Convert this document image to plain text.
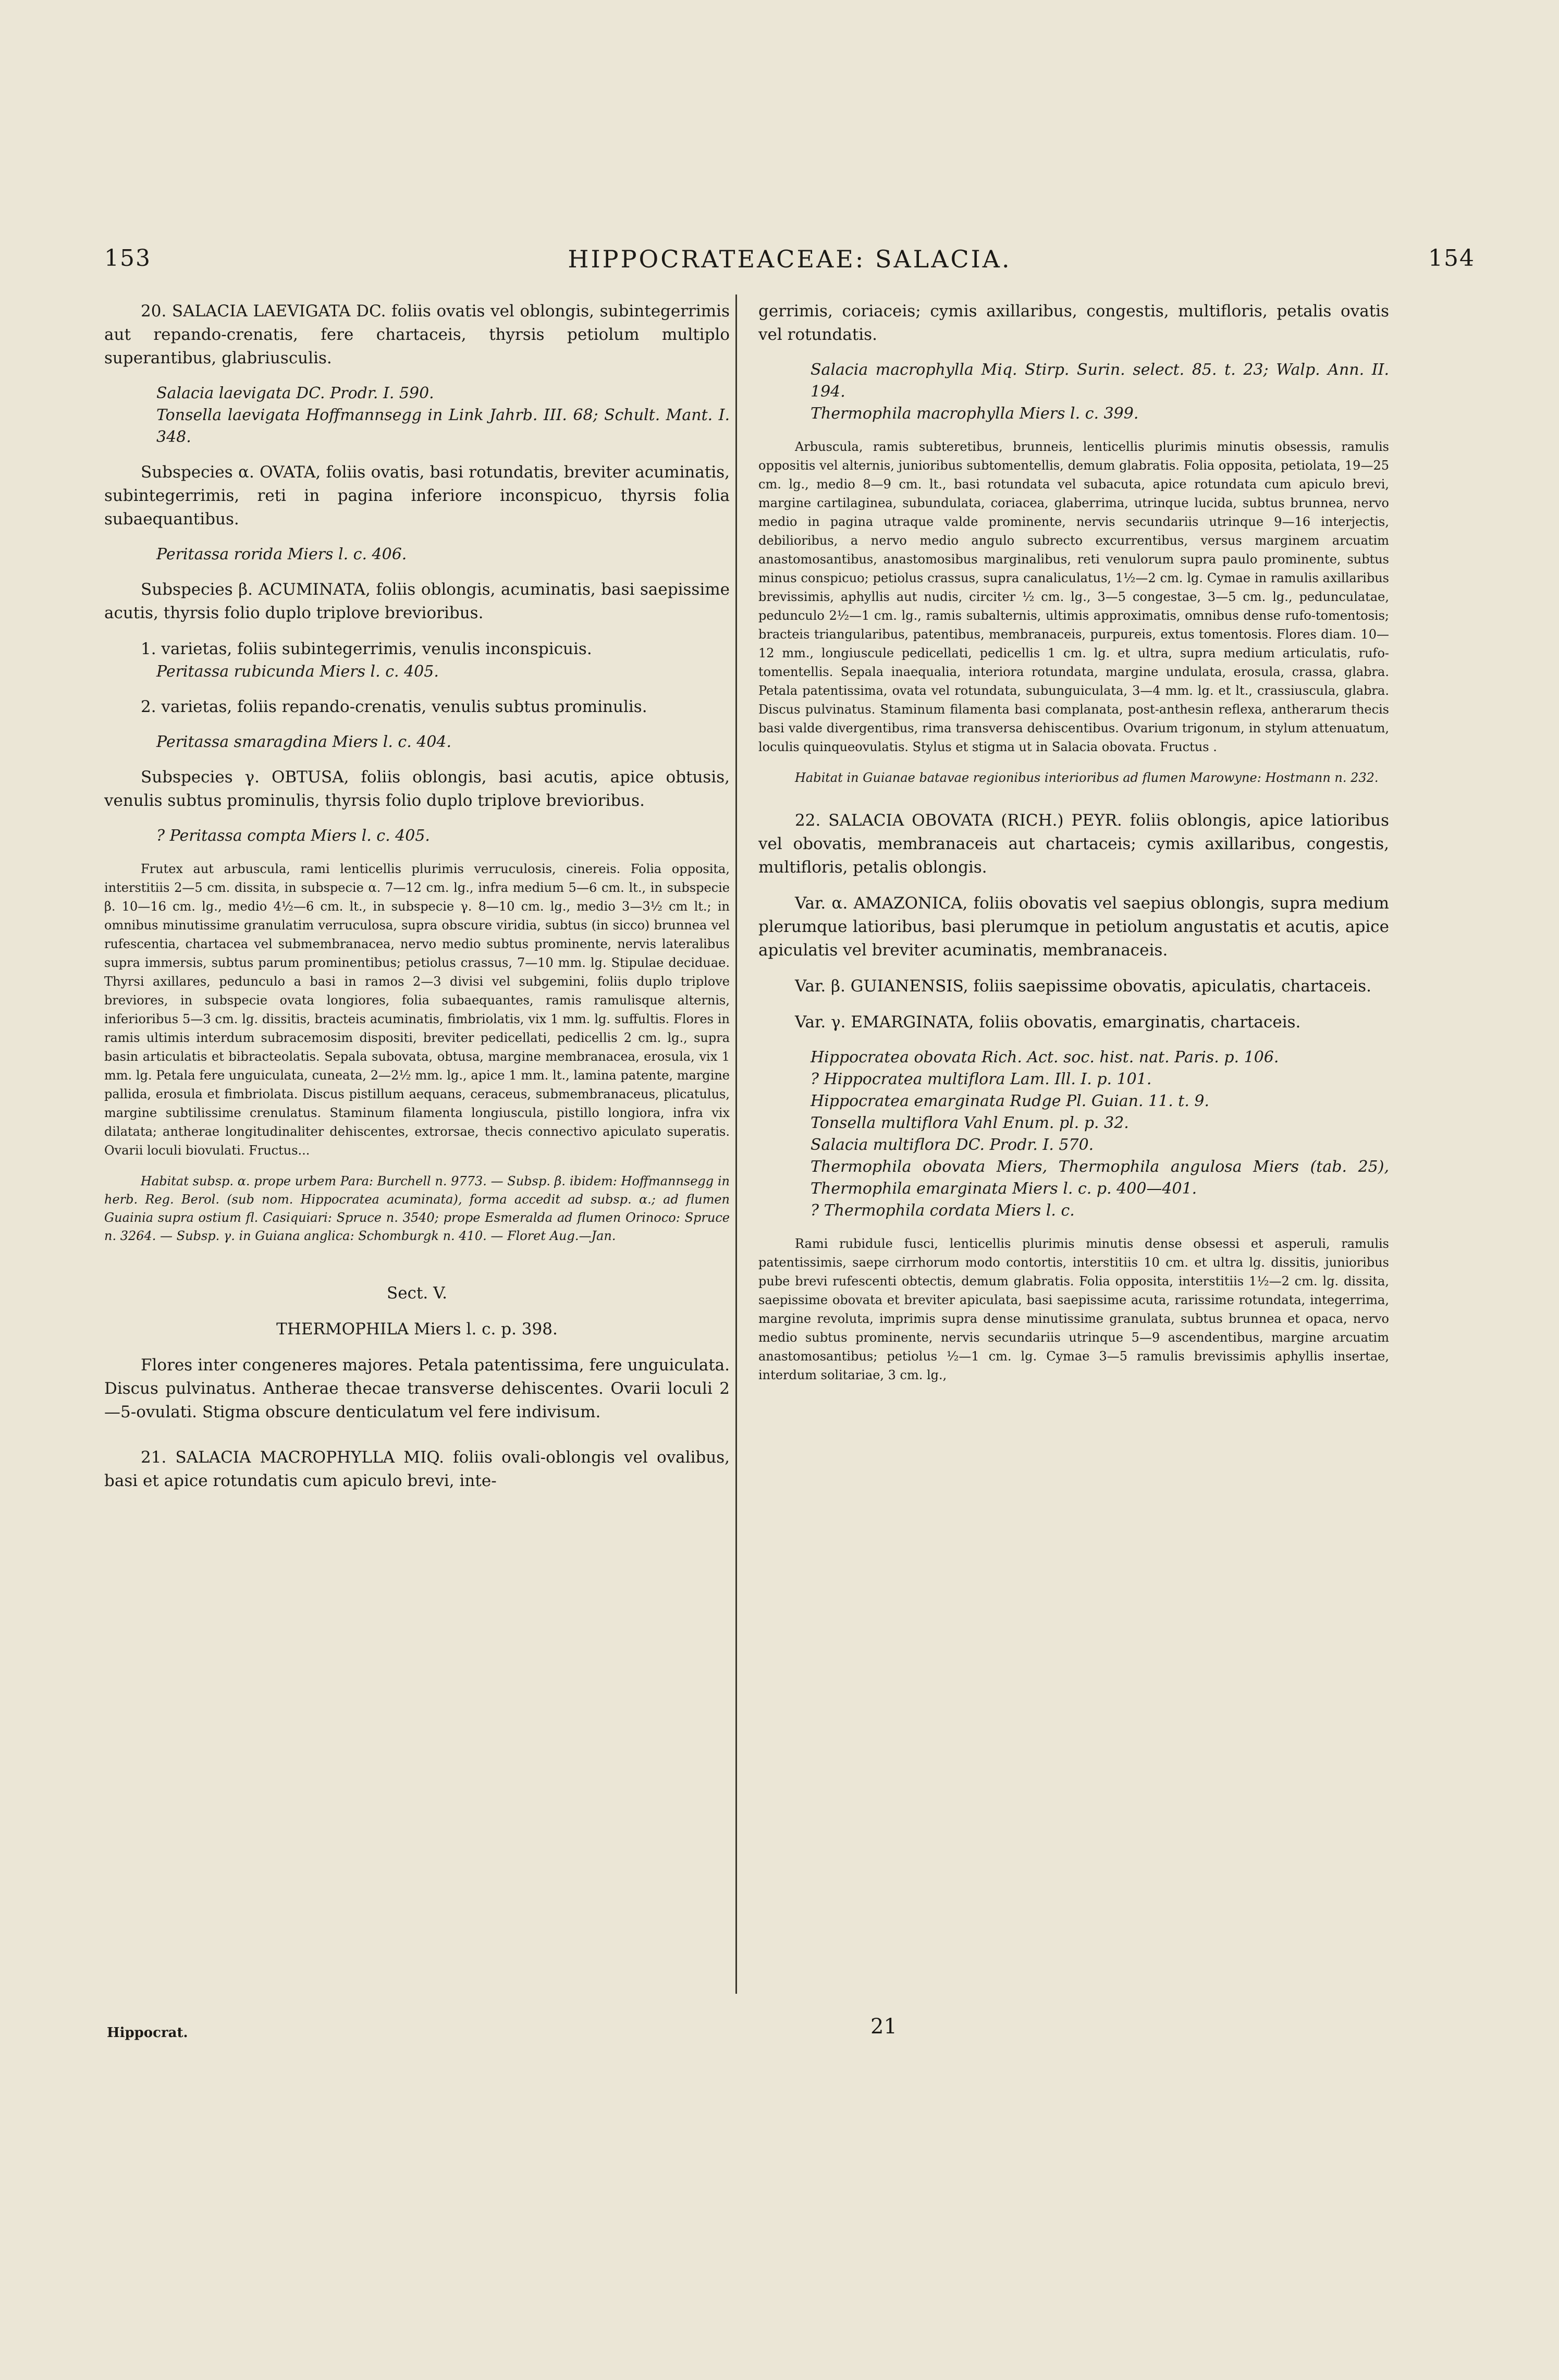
153	HIPPOCRATEACEAE: SALACIA.	154

20. SALACIA LAEVIGATA DC. foliis ovatis vel oblongis, subintegerrimis aut repando-crenatis, fere chartaceis, thyrsis petiolum multiplo superantibus, glabriusculis.

Salacia laevigata DC. Prodr. I. 590.

Tonsella laevigata Hoffmannsegg in Link Jahrb. III. 68; Schult. Mant. I. 348.

Subspecies α. OVATA, foliis ovatis, basi rotundatis, breviter acuminatis, subintegerrimis, reti in pagina inferiore inconspicuo, thyrsis folia subaequantibus.

Peritassa rorida Miers l. c. 406.

Subspecies β. ACUMINATA, foliis oblongis, acuminatis, basi saepissime acutis, thyrsis folio duplo triplove brevioribus.

1. varietas, foliis subintegerrimis, venulis inconspicuis.

Peritassa rubicunda Miers l. c. 405.

2. varietas, foliis repando-crenatis, venulis subtus prominulis.

Peritassa smaragdina Miers l. c. 404.

Subspecies γ. OBTUSA, foliis oblongis, basi acutis, apice obtusis, venulis subtus prominulis, thyrsis folio duplo triplove brevioribus.

? Peritassa compta Miers l. c. 405.

Frutex aut arbuscula, rami lenticellis plurimis verruculosis, cinereis. Folia opposita, interstitiis 2—5 cm. dissita, in subspecie α. 7—12 cm. lg., infra medium 5—6 cm. lt., in subspecie β. 10—16 cm. lg., medio 4½—6 cm. lt., in subspecie γ. 8—10 cm. lg., medio 3—3½ cm lt.; in omnibus minutissime granulatim verruculosa, supra obscure viridia, subtus (in sicco) brunnea vel rufescentia, chartacea vel submembranacea, nervo medio subtus prominente, nervis lateralibus supra immersis, subtus parum prominentibus; petiolus crassus, 7—10 mm. lg. Stipulae deciduae. Thyrsi axillares, pedunculo a basi in ramos 2—3 divisi vel subgemini, foliis duplo triplove breviores, in subspecie ovata longiores, folia subaequantes, ramis ramulisque alternis, inferioribus 5—3 cm. lg. dissitis, bracteis acuminatis, fimbriolatis, vix 1 mm. lg. suffultis. Flores in ramis ultimis interdum subracemosim dispositi, breviter pedicellati, pedicellis 2 cm. lg., supra basin articulatis et bibracteolatis. Sepala subovata, obtusa, margine membranacea, erosula, vix 1 mm. lg. Petala fere unguiculata, cuneata, 2—2½ mm. lg., apice 1 mm. lt., lamina patente, margine pallida, erosula et fimbriolata. Discus pistillum aequans, ceraceus, submembranaceus, plicatulus, margine subtilissime crenulatus. Staminum filamenta longiuscula, pistillo longiora, infra vix dilatata; antherae longitudinaliter dehiscentes, extrorsae, thecis connectivo apiculato superatis. Ovarii loculi biovulati. Fructus...

Habitat subsp. α. prope urbem Para: Burchell n. 9773. — Subsp. β. ibidem: Hoffmannsegg in herb. Reg. Berol. (sub nom. Hippocratea acuminata), forma accedit ad subsp. α.; ad flumen Guainia supra ostium fl. Casiquiari: Spruce n. 3540; prope Esmeralda ad flumen Orinoco: Spruce n. 3264. — Subsp. γ. in Guiana anglica: Schomburgk n. 410. — Floret Aug.—Jan.

Sect. V.

THERMOPHILA Miers l. c. p. 398.

Flores inter congeneres majores. Petala patentissima, fere unguiculata. Discus pulvinatus. Antherae thecae transverse dehiscentes. Ovarii loculi 2—5-ovulati. Stigma obscure denticulatum vel fere indivisum.

21. SALACIA MACROPHYLLA MIQ. foliis ovali-oblongis vel ovalibus, basi et apice rotundatis cum apiculo brevi, inte-

Hippocrat.

gerrimis, coriaceis; cymis axillaribus, congestis, multifloris, petalis ovatis vel rotundatis.

Salacia macrophylla Miq. Stirp. Surin. select. 85. t. 23; Walp. Ann. II. 194.

Thermophila macrophylla Miers l. c. 399.

Arbuscula, ramis subteretibus, brunneis, lenticellis plurimis minutis obsessis, ramulis oppositis vel alternis, junioribus subtomentellis, demum glabratis. Folia opposita, petiolata, 19—25 cm. lg., medio 8—9 cm. lt., basi rotundata vel subacuta, apice rotundata cum apiculo brevi, margine cartilaginea, subundulata, coriacea, glaberrima, utrinque lucida, subtus brunnea, nervo medio in pagina utraque valde prominente, nervis secundariis utrinque 9—16 interjectis, debilioribus, a nervo medio angulo subrecto excurrentibus, versus marginem arcuatim anastomosantibus, anastomosibus marginalibus, reti venulorum supra paulo prominente, subtus minus conspicuo; petiolus crassus, supra canaliculatus, 1½—2 cm. lg. Cymae in ramulis axillaribus brevissimis, aphyllis aut nudis, circiter ½ cm. lg., 3—5 congestae, 3—5 cm. lg., pedunculatae, pedunculo 2½—1 cm. lg., ramis subalternis, ultimis approximatis, omnibus dense rufo-tomentosis; bracteis triangularibus, patentibus, membranaceis, purpureis, extus tomentosis. Flores diam. 10—12 mm., longiuscule pedicellati, pedicellis 1 cm. lg. et ultra, supra medium articulatis, rufo-tomentellis. Sepala inaequalia, interiora rotundata, margine undulata, erosula, crassa, glabra. Petala patentissima, ovata vel rotundata, subunguiculata, 3—4 mm. lg. et lt., crassiuscula, glabra. Discus pulvinatus. Staminum filamenta basi complanata, post-anthesin reflexa, antherarum thecis basi valde divergentibus, rima transversa dehiscentibus. Ovarium trigonum, in stylum attenuatum, loculis quinqueovulatis. Stylus et stigma ut in Salacia obovata. Fructus .

Habitat in Guianae batavae regionibus interioribus ad flumen Marowyne: Hostmann n. 232.

22. SALACIA OBOVATA (RICH.) PEYR. foliis oblongis, apice latioribus vel obovatis, membranaceis aut chartaceis; cymis axillaribus, congestis, multifloris, petalis oblongis.

Var. α. AMAZONICA, foliis obovatis vel saepius oblongis, supra medium plerumque latioribus, basi plerumque in petiolum angustatis et acutis, apice apiculatis vel breviter acuminatis, membranaceis.

Var. β. GUIANENSIS, foliis saepissime obovatis, apiculatis, chartaceis.

Var. γ. EMARGINATA, foliis obovatis, emarginatis, chartaceis.

Hippocratea obovata Rich. Act. soc. hist. nat. Paris. p. 106.

? Hippocratea multiflora Lam. Ill. I. p. 101.

Hippocratea emarginata Rudge Pl. Guian. 11. t. 9.

Tonsella multiflora Vahl Enum. pl. p. 32.

Salacia multiflora DC. Prodr. I. 570.

Thermophila obovata Miers, Thermophila angulosa Miers (tab. 25), Thermophila emarginata Miers l. c. p. 400—401.

? Thermophila cordata Miers l. c.

Rami rubidule fusci, lenticellis plurimis minutis dense obsessi et asperuli, ramulis patentissimis, saepe cirrhorum modo contortis, interstitiis 10 cm. et ultra lg. dissitis, junioribus pube brevi rufescenti obtectis, demum glabratis. Folia opposita, interstitiis 1½—2 cm. lg. dissita, saepissime obovata et breviter apiculata, basi saepissime acuta, rarissime rotundata, integerrima, margine revoluta, imprimis supra dense minutissime granulata, subtus brunnea et opaca, nervo medio subtus prominente, nervis secundariis utrinque 5—9 ascendentibus, margine arcuatim anastomosantibus; petiolus ½—1 cm. lg. Cymae 3—5 ramulis brevissimis aphyllis insertae, interdum solitariae, 3 cm. lg.,

21
